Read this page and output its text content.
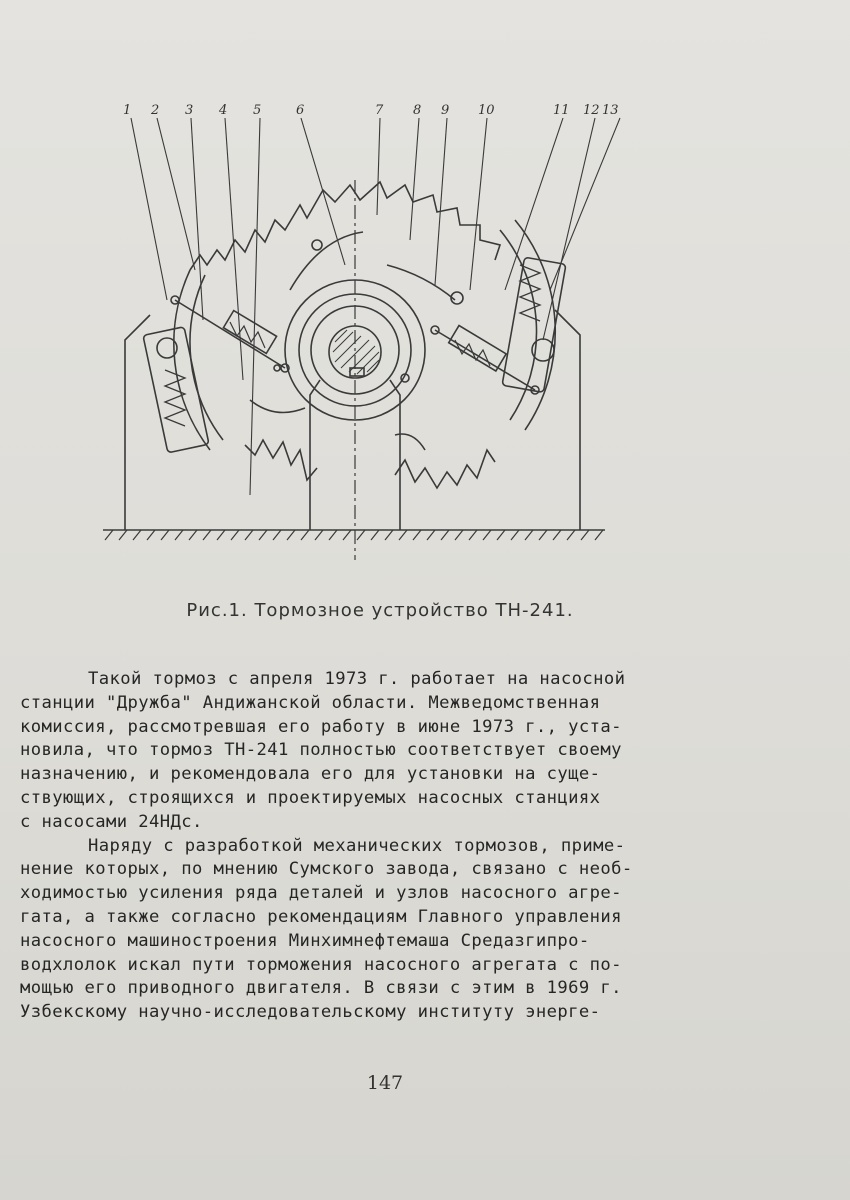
1 2 3 4 5	6	7 8 9 10	11 12 13
Рис.1. Тормозное устройство ТН-241.
Такой тормоз с апреля 1973 г. работает на насосной
станции "Дружба" Андижанской области. Межведомственная
комиссия, рассмотревшая его работу в июне 1973 г., уста-
новила, что тормоз ТН-241 полностью соответствует своему
назначению, и рекомендовала его для установки на суще-
ствующих, строящихся и проектируемых насосных станциях
с насосами 24НДс.
Наряду с разработкой механических тормозов, приме-
нение которых, по мнению Сумского завода, связано с необ-
ходимостью усиления ряда деталей и узлов насосного агре-
гата, а также согласно рекомендациям Главного управления
насосного машиностроения Минхимнефтемаша Средазгипро-
водхлолок искал пути торможения насосного агрегата с по-
мощью его приводного двигателя. В связи с этим в 1969 г.
Узбекскому научно-исследовательскому институту энерге-
147
